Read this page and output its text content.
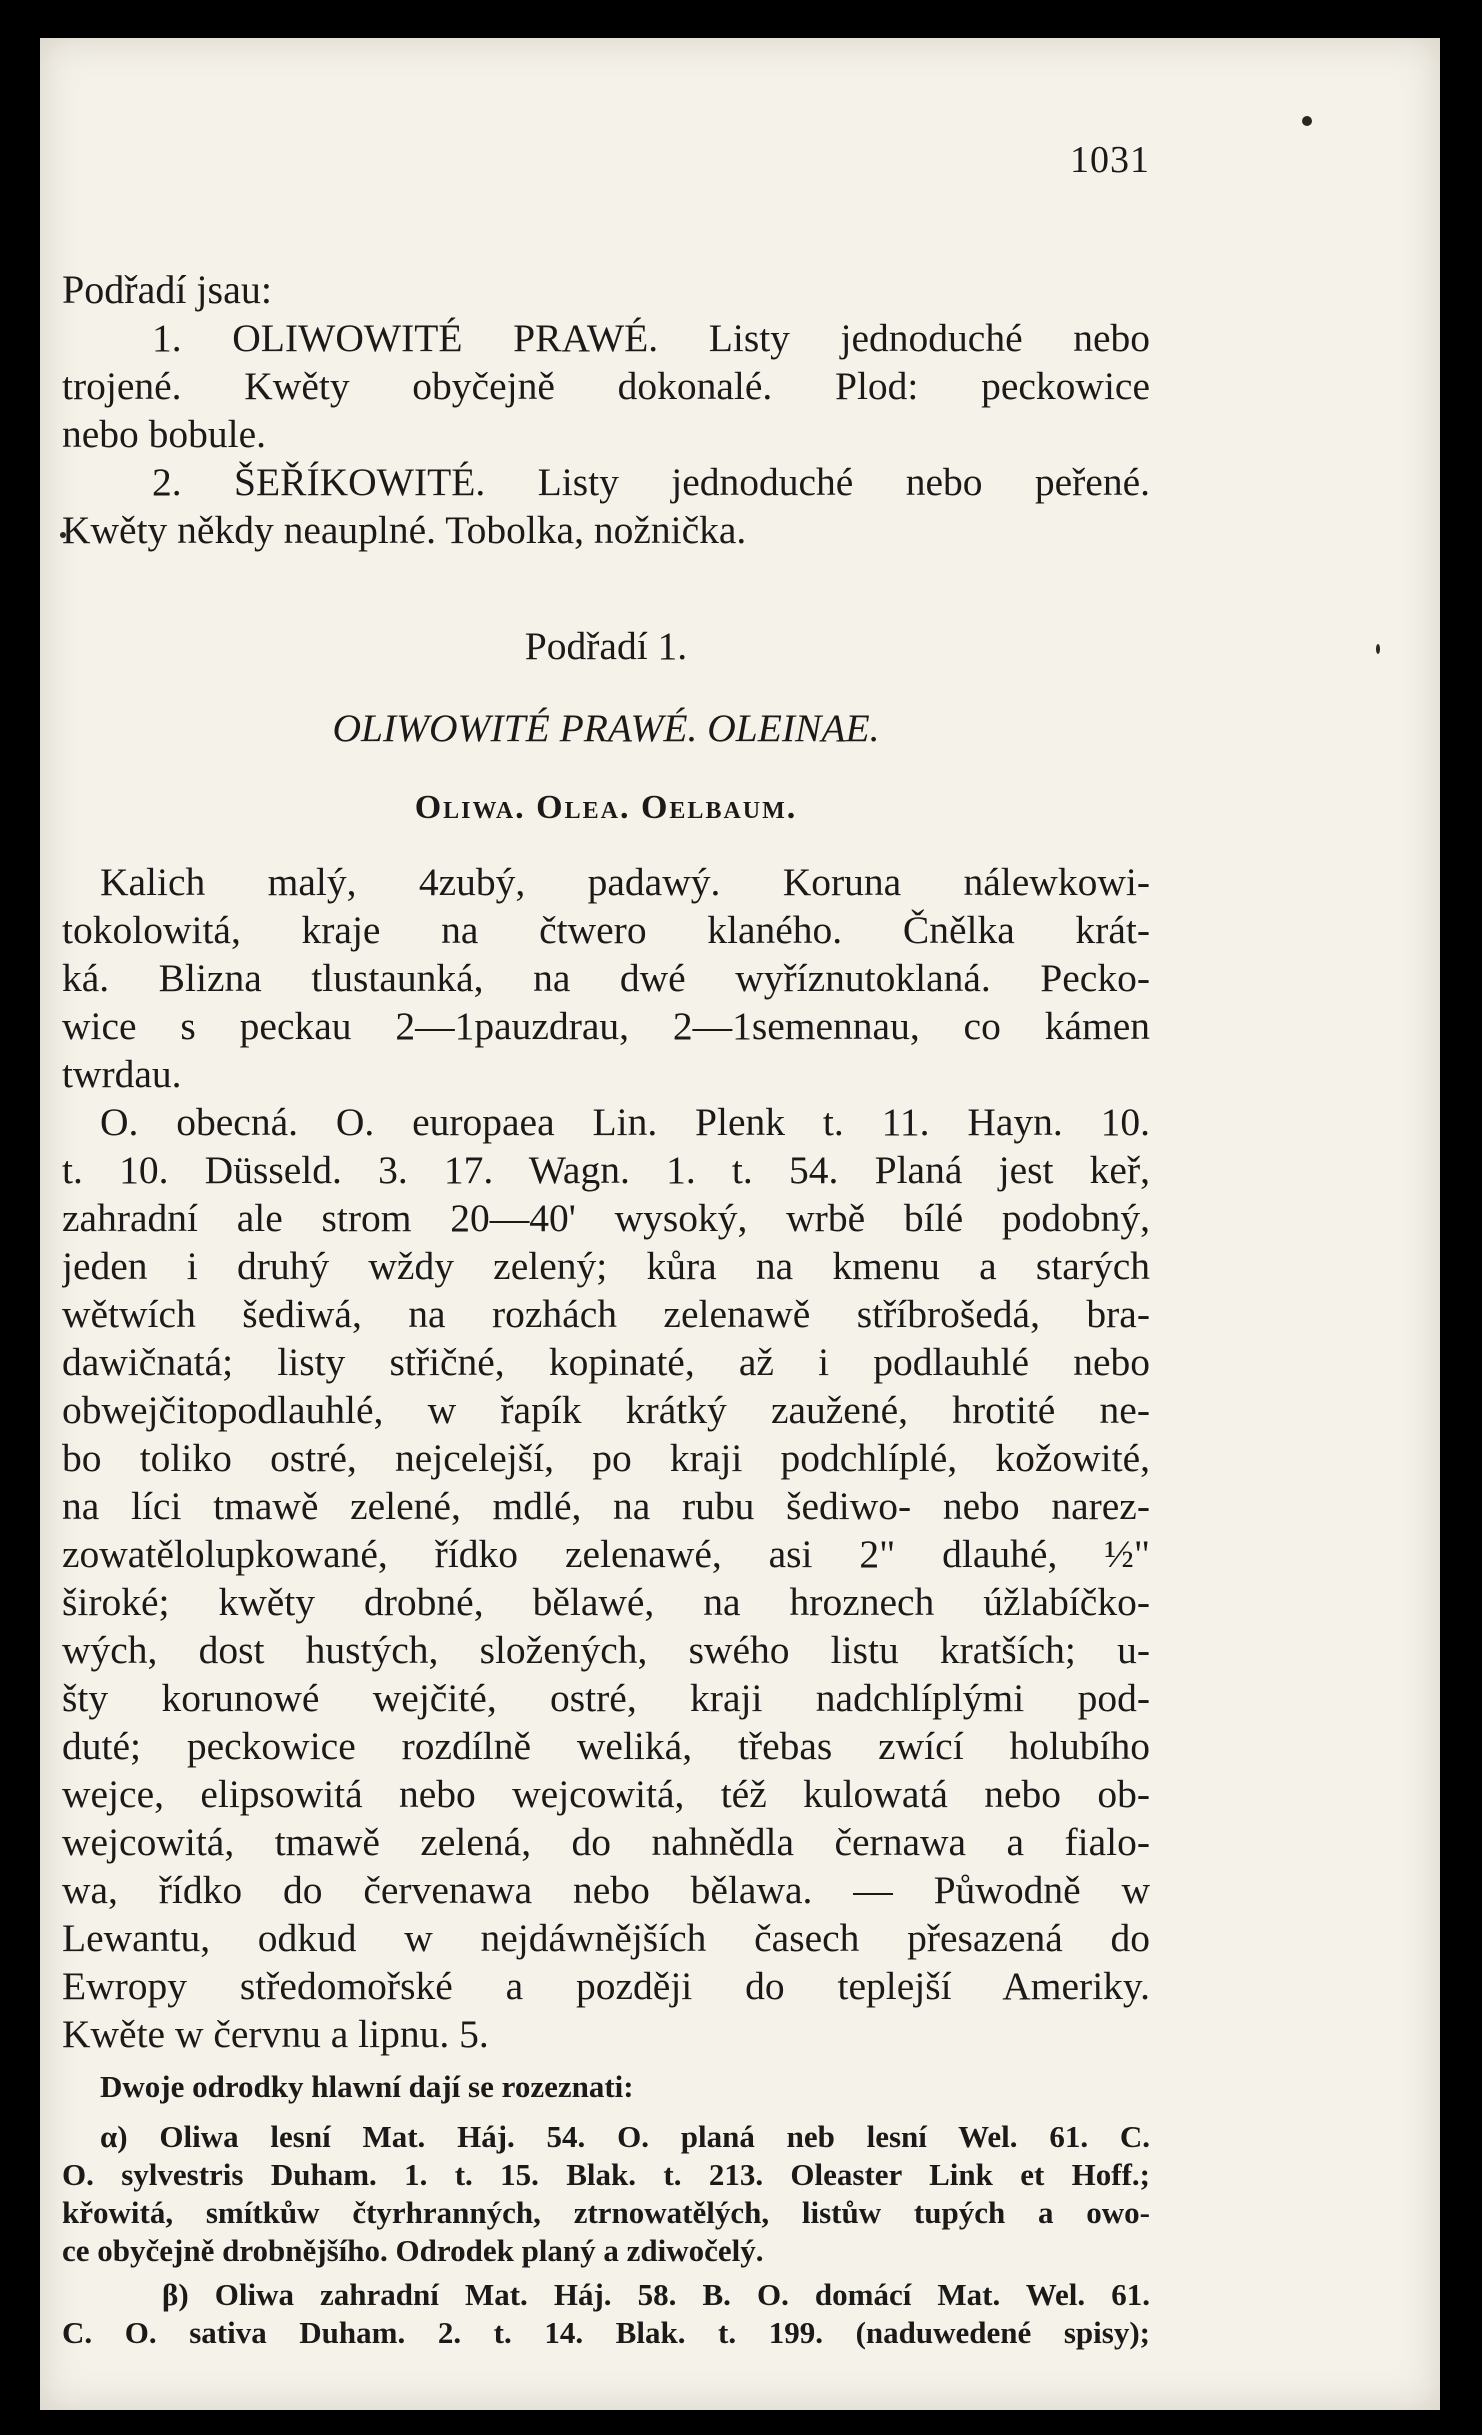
1031
Podřadí jsau:
1. OLIWOWITÉ PRAWÉ. Listy jednoduché nebo
trojené. Kwěty obyčejně dokonalé. Plod: peckowice
nebo bobule.
2. ŠEŘÍKOWITÉ. Listy jednoduché nebo peřené.
Kwěty někdy neauplné. Tobolka, nožnička.
Podřadí 1.
OLIWOWITÉ PRAWÉ. OLEINAE.
Oliwa. Olea. Oelbaum.
Kalich malý, 4zubý, padawý. Koruna nálewkowi-
tokolowitá, kraje na čtwero klaného. Čnělka krát-
ká. Blizna tlustaunká, na dwé wyříznutoklaná. Pecko-
wice s peckau 2—1pauzdrau, 2—1semennau, co kámen
twrdau.
O. obecná. O. europaea Lin. Plenk t. 11. Hayn. 10.
t. 10. Düsseld. 3. 17. Wagn. 1. t. 54. Planá jest keř,
zahradní ale strom 20—40' wysoký, wrbě bílé podobný,
jeden i druhý wždy zelený; kůra na kmenu a starých
wětwích šediwá, na rozhách zelenawě stříbrošedá, bra-
dawičnatá; listy střičné, kopinaté, až i podlauhlé nebo
obwejčitopodlauhlé, w řapík krátký zaužené, hrotité ne-
bo toliko ostré, nejcelejší, po kraji podchlíplé, kožowité,
na líci tmawě zelené, mdlé, na rubu šediwo- nebo narez-
zowatělolupkowané, řídko zelenawé, asi 2" dlauhé, ½"
široké; kwěty drobné, bělawé, na hroznech úžlabíčko-
wých, dost hustých, složených, swého listu kratších; u-
šty korunowé wejčité, ostré, kraji nadchlíplými pod-
duté; peckowice rozdílně weliká, třebas zwící holubího
wejce, elipsowitá nebo wejcowitá, též kulowatá nebo ob-
wejcowitá, tmawě zelená, do nahnědla černawa a fialo-
wa, řídko do červenawa nebo bělawa. — Půwodně w
Lewantu, odkud w nejdáwnějších časech přesazená do
Ewropy středomořské a později do teplejší Ameriky.
Kwěte w červnu a lipnu. 5.
Dwoje odrodky hlawní dají se rozeznati:
α) Oliwa lesní Mat. Háj. 54. O. planá neb lesní Wel. 61. C.
O. sylvestris Duham. 1. t. 15. Blak. t. 213. Oleaster Link et Hoff.;
křowitá, smítkůw čtyrhranných, ztrnowatělých, listůw tupých a owo-
ce obyčejně drobnějšího. Odrodek planý a zdiwočelý.
β) Oliwa zahradní Mat. Háj. 58. B. O. domácí Mat. Wel. 61.
C. O. sativa Duham. 2. t. 14. Blak. t. 199. (naduwedené spisy);
